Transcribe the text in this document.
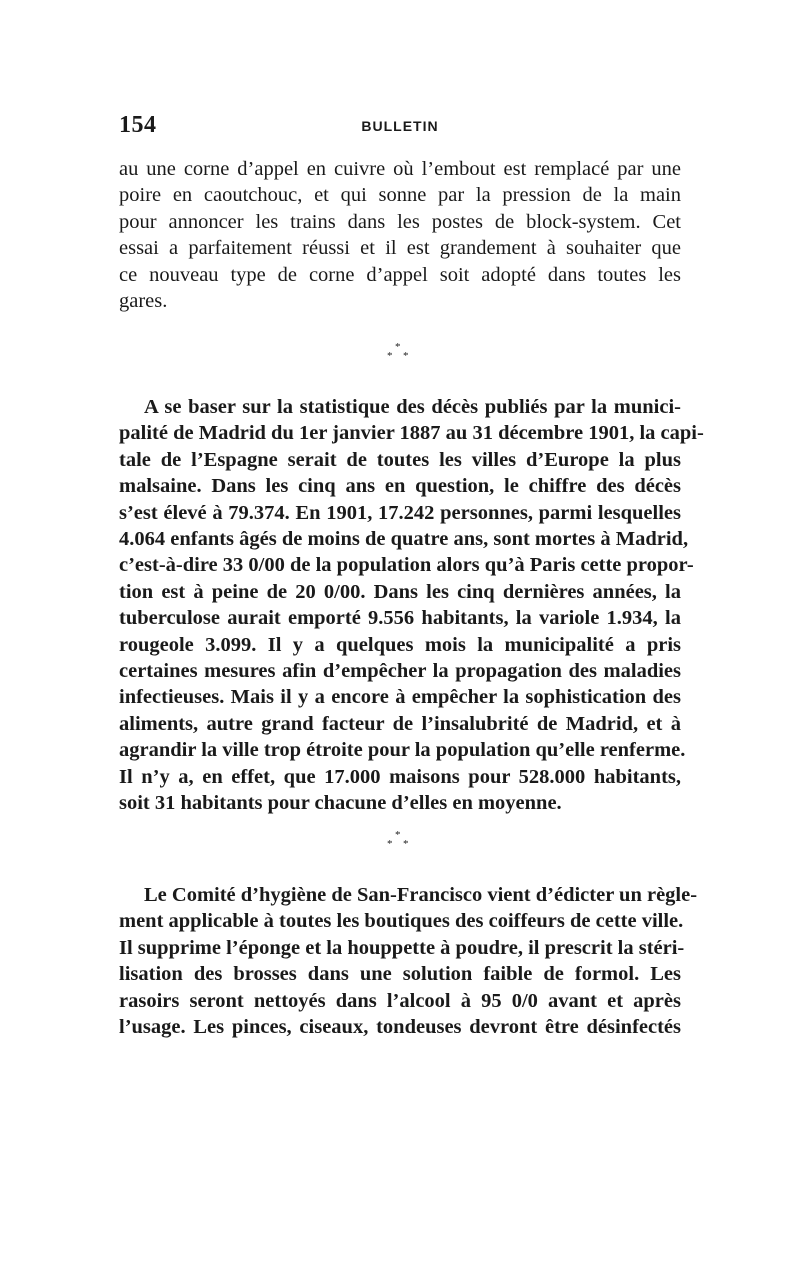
154	BULLETIN

au une corne d’appel en cuivre où l’embout est remplacé par une
poire en caoutchouc, et qui sonne par la pression de la main
pour annoncer les trains dans les postes de block-system. Cet
essai a parfaitement réussi et il est grandement à souhaiter que
ce nouveau type de corne d’appel soit adopté dans toutes les
gares.

*
* *

A se baser sur la statistique des décès publiés par la munici-
palité de Madrid du 1er janvier 1887 au 31 décembre 1901, la capi-
tale de l’Espagne serait de toutes les villes d’Europe la plus
malsaine. Dans les cinq ans en question, le chiffre des décès
s’est élevé à 79.374. En 1901, 17.242 personnes, parmi lesquelles
4.064 enfants âgés de moins de quatre ans, sont mortes à Madrid,
c’est-à-dire 33 0/00 de la population alors qu’à Paris cette propor-
tion est à peine de 20 0/00. Dans les cinq dernières années, la
tuberculose aurait emporté 9.556 habitants, la variole 1.934, la
rougeole 3.099. Il y a quelques mois la municipalité a pris
certaines mesures afin d’empêcher la propagation des maladies
infectieuses. Mais il y a encore à empêcher la sophistication des
aliments, autre grand facteur de l’insalubrité de Madrid, et à
agrandir la ville trop étroite pour la population qu’elle renferme.
Il n’y a, en effet, que 17.000 maisons pour 528.000 habitants,
soit 31 habitants pour chacune d’elles en moyenne.

*
* *

Le Comité d’hygiène de San-Francisco vient d’édicter un règle-
ment applicable à toutes les boutiques des coiffeurs de cette ville.
Il supprime l’éponge et la houppette à poudre, il prescrit la stéri-
lisation des brosses dans une solution faible de formol. Les
rasoirs seront nettoyés dans l’alcool à 95 0/0 avant et après
l’usage. Les pinces, ciseaux, tondeuses devront être désinfectés
